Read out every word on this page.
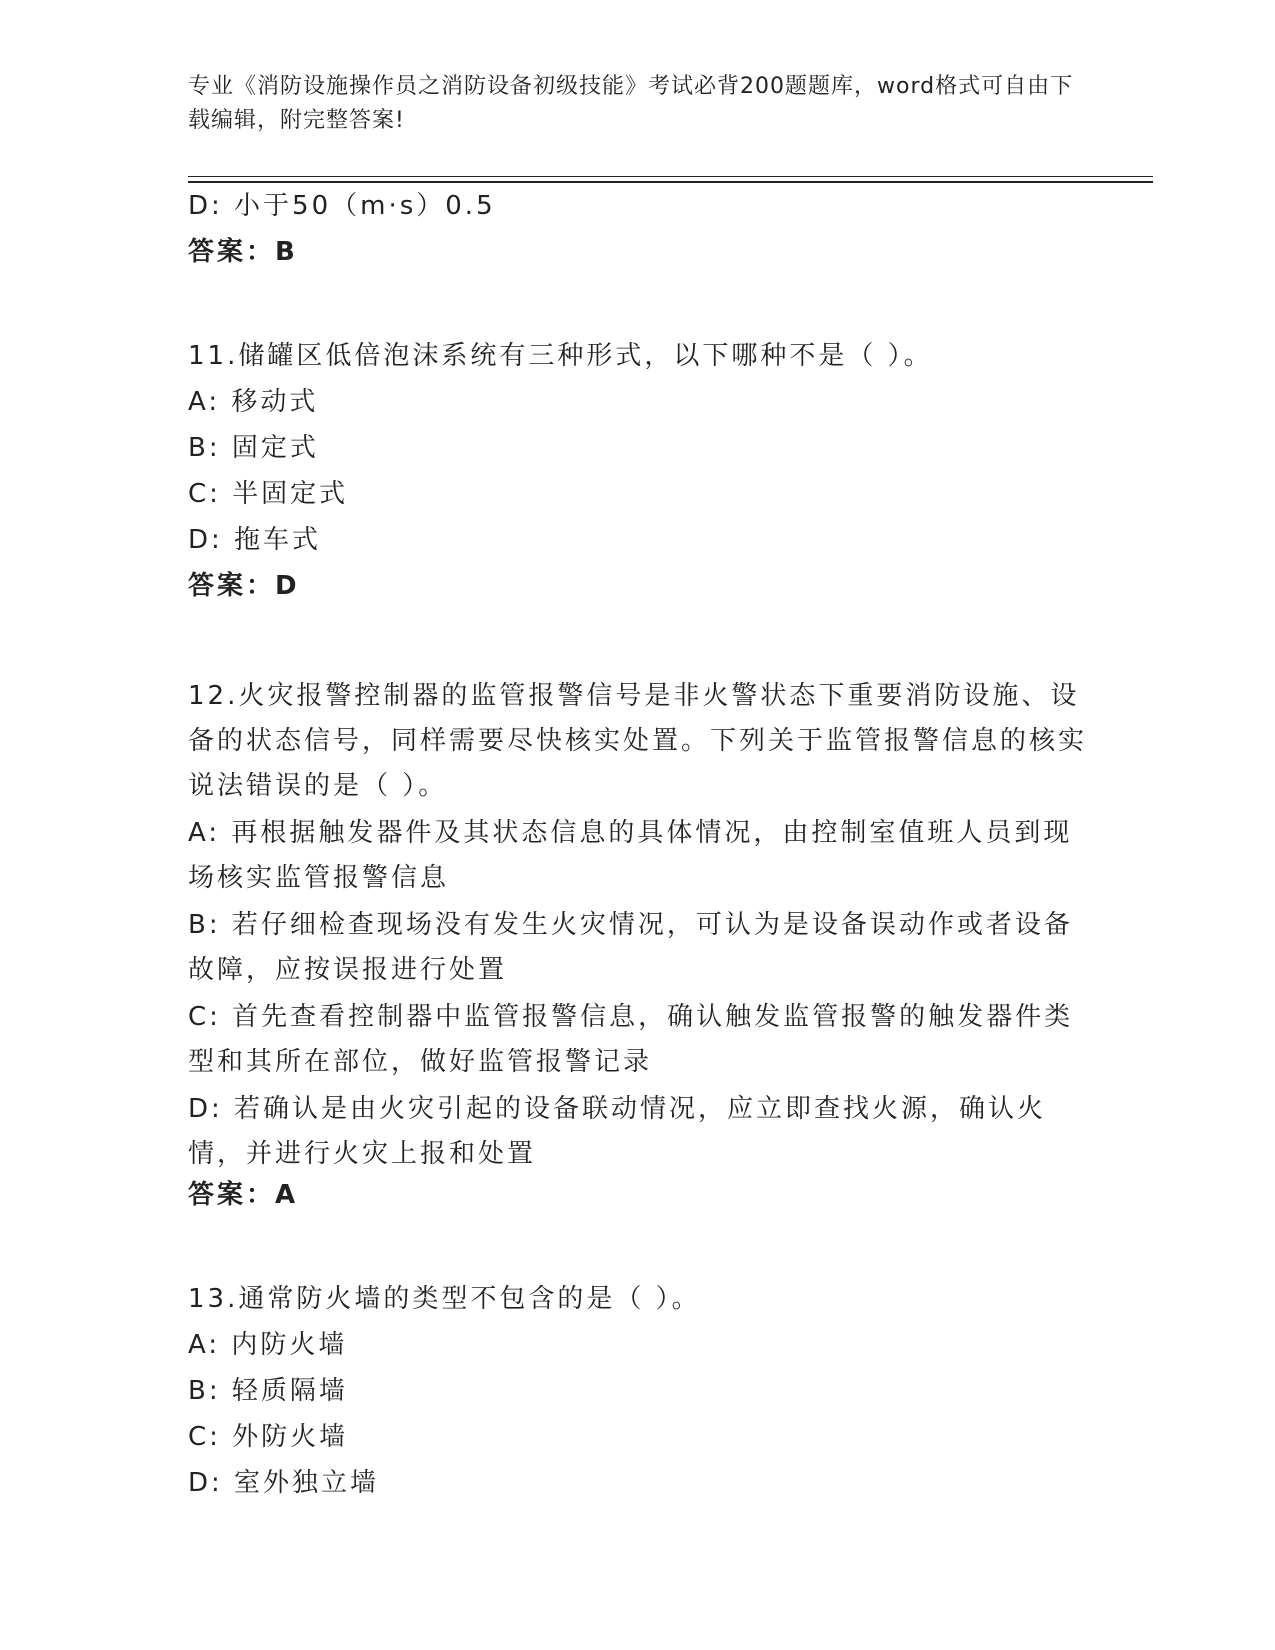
专业《消防设施操作员之消防设备初级技能》考试必背200题题库，word格式可自由下载编辑，附完整答案!
D: 小于50（m·s）0.5
答案：B
11.储罐区低倍泡沫系统有三种形式，以下哪种不是（ ）。
A: 移动式
B: 固定式
C: 半固定式
D: 拖车式
答案：D
12.火灾报警控制器的监管报警信号是非火警状态下重要消防设施、设备的状态信号，同样需要尽快核实处置。下列关于监管报警信息的核实说法错误的是（ ）。
A: 再根据触发器件及其状态信息的具体情况，由控制室值班人员到现场核实监管报警信息
B: 若仔细检查现场没有发生火灾情况，可认为是设备误动作或者设备故障，应按误报进行处置
C: 首先查看控制器中监管报警信息，确认触发监管报警的触发器件类型和其所在部位，做好监管报警记录
D: 若确认是由火灾引起的设备联动情况，应立即查找火源，确认火情，并进行火灾上报和处置
答案：A
13.通常防火墙的类型不包含的是（ ）。
A: 内防火墙
B: 轻质隔墙
C: 外防火墙
D: 室外独立墙
